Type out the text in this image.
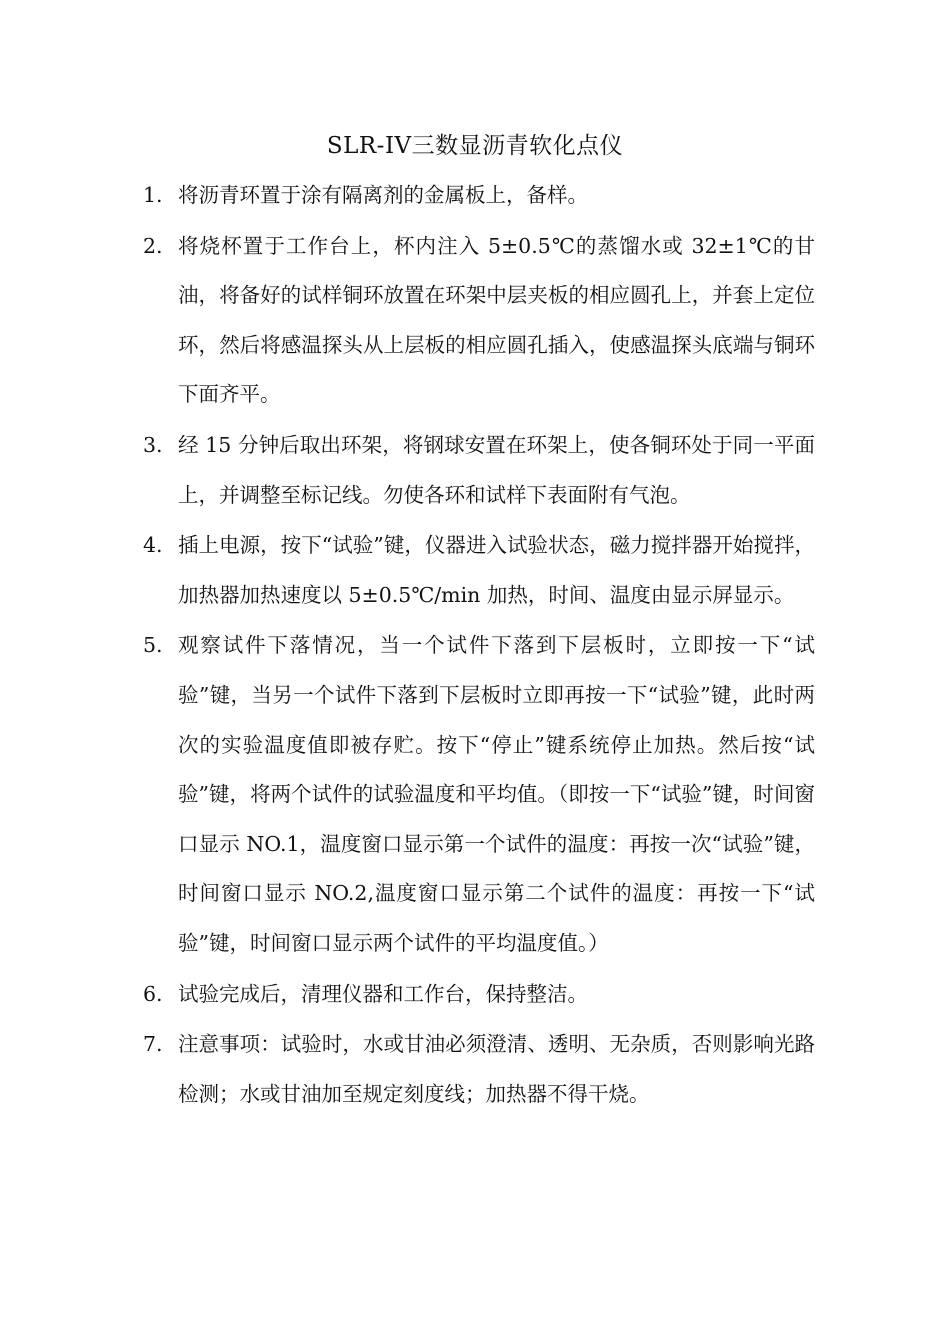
SLR-IV三数显沥青软化点仪
1. 将沥青环置于涂有隔离剂的金属板上，备样。
2. 将烧杯置于工作台上，杯内注入 5±0.5℃的蒸馏水或 32±1℃的甘油，将备好的试样铜环放置在环架中层夹板的相应圆孔上，并套上定位环，然后将感温探头从上层板的相应圆孔插入，使感温探头底端与铜环下面齐平。
3. 经 15 分钟后取出环架，将钢球安置在环架上，使各铜环处于同一平面上，并调整至标记线。勿使各环和试样下表面附有气泡。
4. 插上电源，按下“试验”键，仪器进入试验状态，磁力搅拌器开始搅拌，加热器加热速度以 5±0.5℃/min 加热，时间、温度由显示屏显示。
5. 观察试件下落情况，当一个试件下落到下层板时，立即按一下“试验”键，当另一个试件下落到下层板时立即再按一下“试验”键，此时两次的实验温度值即被存贮。按下“停止”键系统停止加热。然后按“试验”键，将两个试件的试验温度和平均值。（即按一下“试验”键，时间窗口显示 NO.1，温度窗口显示第一个试件的温度：再按一次“试验”键，时间窗口显示 NO.2,温度窗口显示第二个试件的温度：再按一下“试验”键，时间窗口显示两个试件的平均温度值。）
6. 试验完成后，清理仪器和工作台，保持整洁。
7. 注意事项：试验时，水或甘油必须澄清、透明、无杂质，否则影响光路检测；水或甘油加至规定刻度线；加热器不得干烧。
